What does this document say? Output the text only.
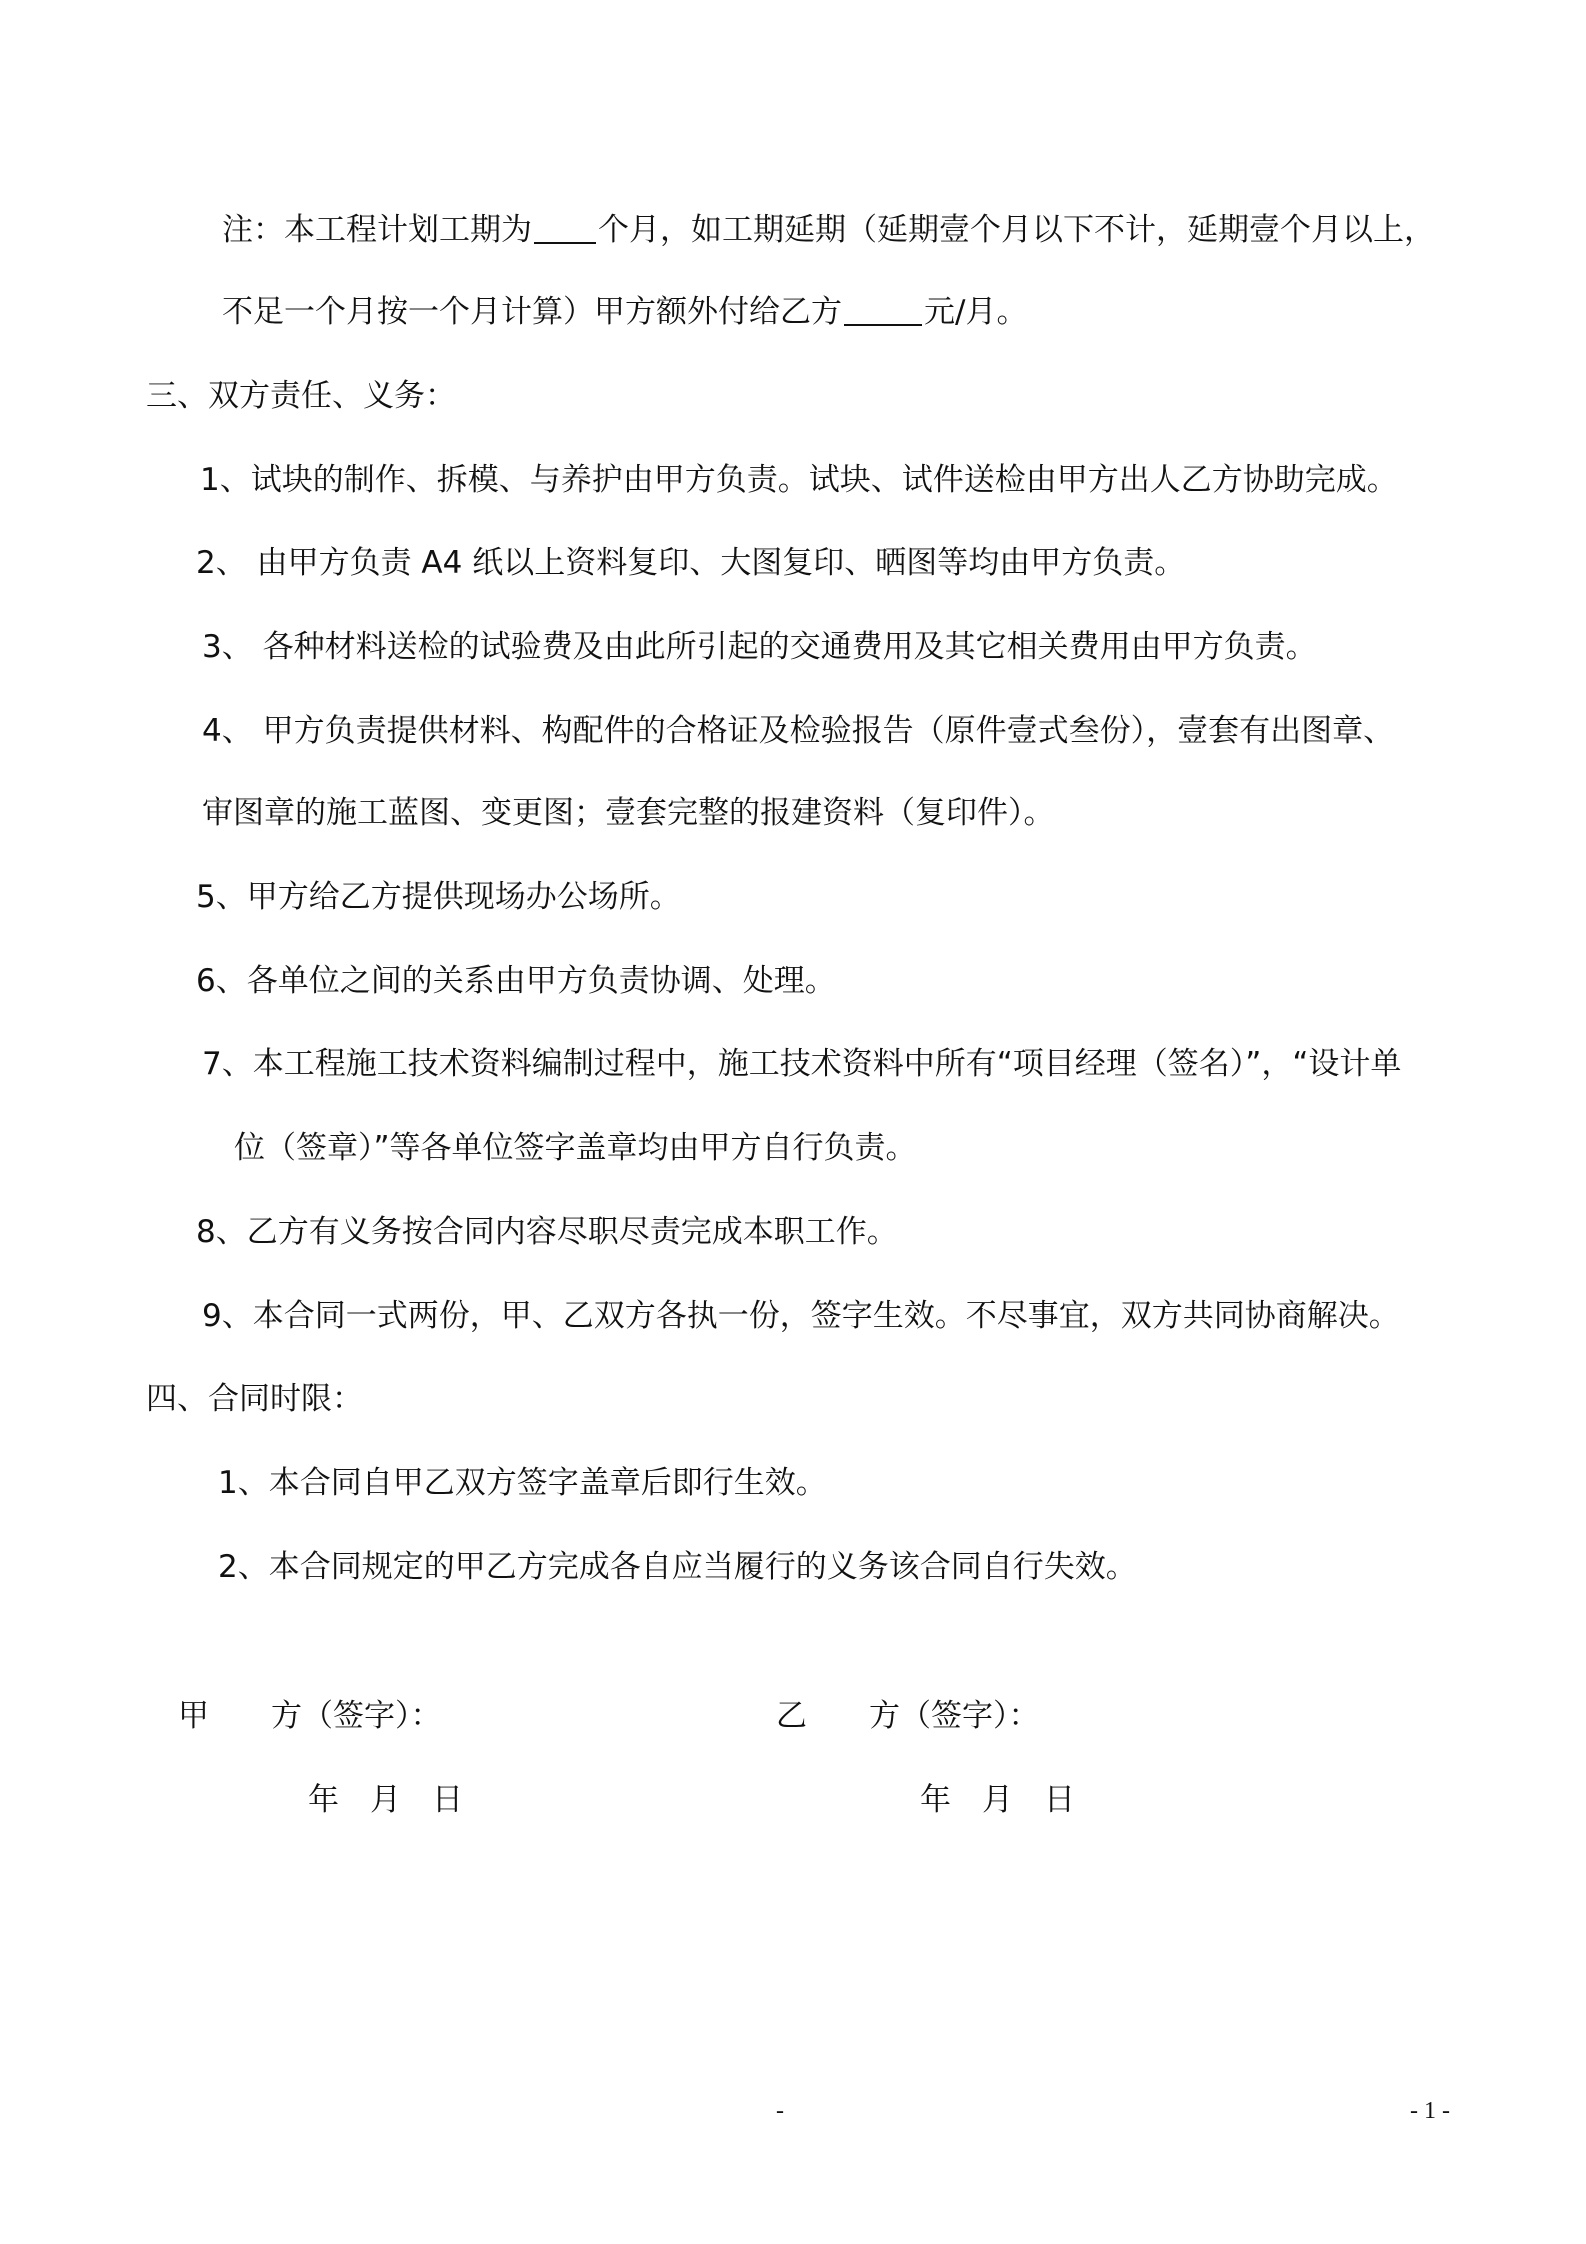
注：本工程计划工期为 个月，如工期延期（延期壹个月以下不计，延期壹个月以上，
不足一个月按一个月计算）甲方额外付给乙方	元/月。
三、双方责任、义务：
1、试块的制作、拆模、与养护由甲方负责。试块、试件送检由甲方出人乙方协助完成。
2、 由甲方负责 A4 纸以上资料复印、大图复印、晒图等均由甲方负责。
3、 各种材料送检的试验费及由此所引起的交通费用及其它相关费用由甲方负责。
4、 甲方负责提供材料、构配件的合格证及检验报告（原件壹式叁份），壹套有出图章、
审图章的施工蓝图、变更图；壹套完整的报建资料（复印件）。
5、甲方给乙方提供现场办公场所。
6、各单位之间的关系由甲方负责协调、处理。
7、本工程施工技术资料编制过程中，施工技术资料中所有“项目经理（签名）”，“设计单
位（签章）”等各单位签字盖章均由甲方自行负责。
8、乙方有义务按合同内容尽职尽责完成本职工作。
9、本合同一式两份，甲、乙双方各执一份，签字生效。不尽事宜，双方共同协商解决。
四、合同时限：
1、本合同自甲乙双方签字盖章后即行生效。
2、本合同规定的甲乙方完成各自应当履行的义务该合同自行失效。
甲　　方（签字）：	乙　　方（签字）：
年　月　日	年　月　日
-	- 1 -
